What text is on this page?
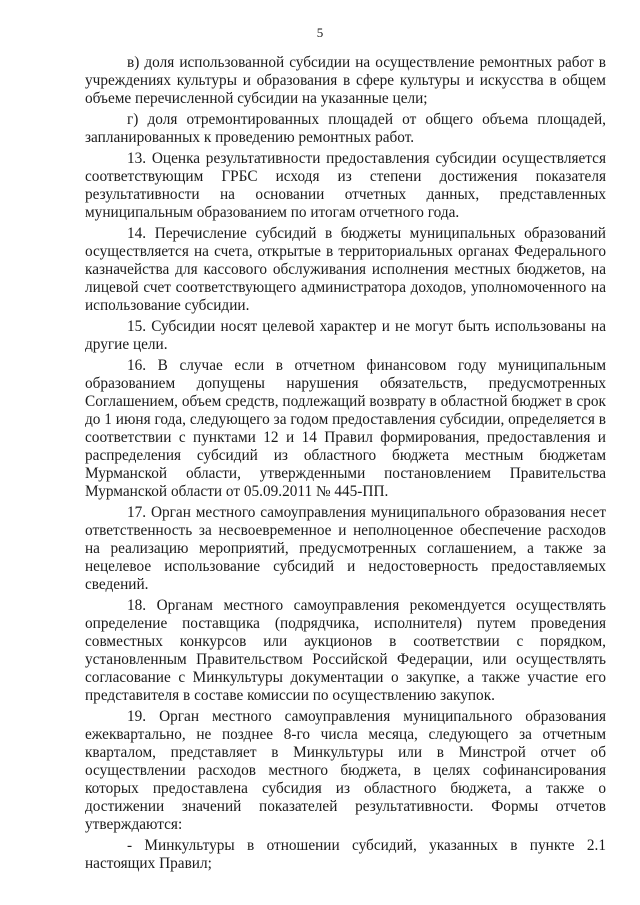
5

в) доля использованной субсидии на осуществление ремонтных работ в учреждениях культуры и образования в сфере культуры и искусства в общем объеме перечисленной субсидии на указанные цели;

г) доля отремонтированных площадей от общего объема площадей, запланированных к проведению ремонтных работ.

13. Оценка результативности предоставления субсидии осуществляется соответствующим ГРБС исходя из степени достижения показателя результативности на основании отчетных данных, представленных муниципальным образованием по итогам отчетного года.

14. Перечисление субсидий в бюджеты муниципальных образований осуществляется на счета, открытые в территориальных органах Федерального казначейства для кассового обслуживания исполнения местных бюджетов, на лицевой счет соответствующего администратора доходов, уполномоченного на использование субсидии.

15. Субсидии носят целевой характер и не могут быть использованы на другие цели.

16. В случае если в отчетном финансовом году муниципальным образованием допущены нарушения обязательств, предусмотренных Соглашением, объем средств, подлежащий возврату в областной бюджет в срок до 1 июня года, следующего за годом предоставления субсидии, определяется в соответствии с пунктами 12 и 14 Правил формирования, предоставления и распределения субсидий из областного бюджета местным бюджетам Мурманской области, утвержденными постановлением Правительства Мурманской области от 05.09.2011 № 445-ПП.

17. Орган местного самоуправления муниципального образования несет ответственность за несвоевременное и неполноценное обеспечение расходов на реализацию мероприятий, предусмотренных соглашением, а также за нецелевое использование субсидий и недостоверность предоставляемых сведений.

18. Органам местного самоуправления рекомендуется осуществлять определение поставщика (подрядчика, исполнителя) путем проведения совместных конкурсов или аукционов в соответствии с порядком, установленным Правительством Российской Федерации, или осуществлять согласование с Минкультуры документации о закупке, а также участие его представителя в составе комиссии по осуществлению закупок.

19. Орган местного самоуправления муниципального образования ежеквартально, не позднее 8-го числа месяца, следующего за отчетным кварталом, представляет в Минкультуры или в Минстрой отчет об осуществлении расходов местного бюджета, в целях софинансирования которых предоставлена субсидия из областного бюджета, а также о достижении значений показателей результативности. Формы отчетов утверждаются:

- Минкультуры в отношении субсидий, указанных в пункте 2.1 настоящих Правил;
